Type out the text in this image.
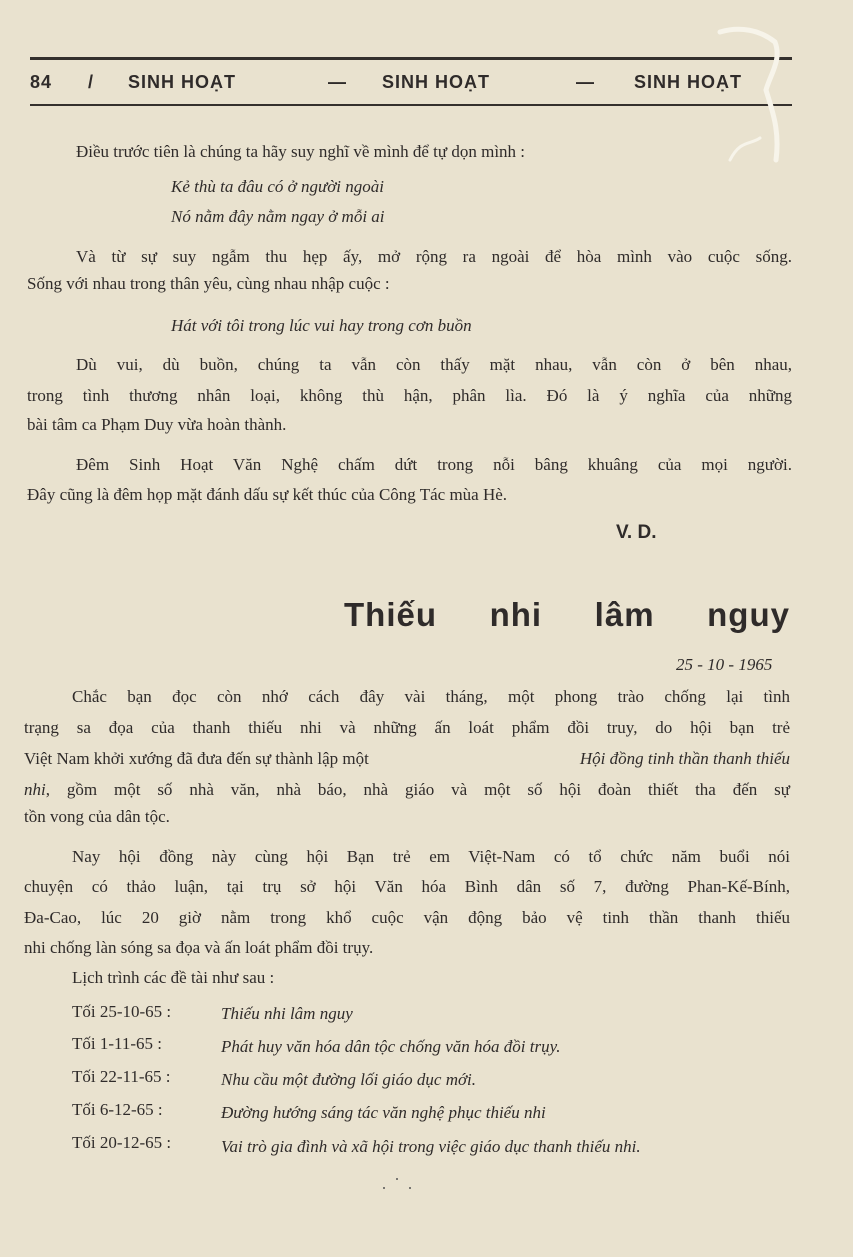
84 / SINH HOẠT	— SINH HOẠT	— SINH HOẠT
Điều trước tiên là chúng ta hãy suy nghĩ về mình để tự dọn mình :
Kẻ thù ta đâu có ở người ngoài
Nó nằm đây nằm ngay ở mỗi ai
Và từ sự suy ngẫm thu hẹp ấy, mở rộng ra ngoài để hòa mình vào cuộc sống.
Sống với nhau trong thân yêu, cùng nhau nhập cuộc :
Hát với tôi trong lúc vui hay trong cơn buồn
Dù vui, dù buồn, chúng ta vẫn còn thấy mặt nhau, vẫn còn ở bên nhau,
trong tình thương nhân loại, không thù hận, phân lìa. Đó là ý nghĩa của những
bài tâm ca Phạm Duy vừa hoàn thành.
Đêm Sinh Hoạt Văn Nghệ chấm dứt trong nỗi bâng khuâng của mọi người.
Đây cũng là đêm họp mặt đánh dấu sự kết thúc của Công Tác mùa Hè.
V. D.
Thiếu nhi lâm nguy
25 - 10 - 1965
Chắc bạn đọc còn nhớ cách đây vài tháng, một phong trào chống lại tình
trạng sa đọa của thanh thiếu nhi và những ấn loát phẩm đồi truy, do hội bạn trẻ
Việt Nam khởi xướng đã đưa đến sự thành lập một	Hội đồng tinh thần thanh thiếu
nhi , gồm một số nhà văn, nhà báo, nhà giáo và một số hội đoàn thiết tha đến sự
tồn vong của dân tộc.
Nay hội đồng này cùng hội Bạn trẻ em Việt-Nam có tổ chức năm buổi nói
chuyện có thảo luận, tại trụ sở hội Văn hóa Bình dân số 7, đường Phan-Kế-Bính,
Đa-Cao, lúc 20 giờ nằm trong khổ cuộc vận động bảo vệ tinh thần thanh thiếu
nhi chống làn sóng sa đọa và ấn loát phẩm đồi trụy.
Lịch trình các đề tài như sau :
Tối 25-10-65 :	Thiếu nhi lâm nguy
Tối 1-11-65 :	Phát huy văn hóa dân tộc chống văn hóa đồi trụy.
Tối 22-11-65 :	Nhu cầu một đường lối giáo dục mới.
Tối 6-12-65 :	Đường hướng sáng tác văn nghệ phục thiếu nhi
Tối 20-12-65 :	Vai trò gia đình và xã hội trong việc giáo dục thanh thiếu nhi.
